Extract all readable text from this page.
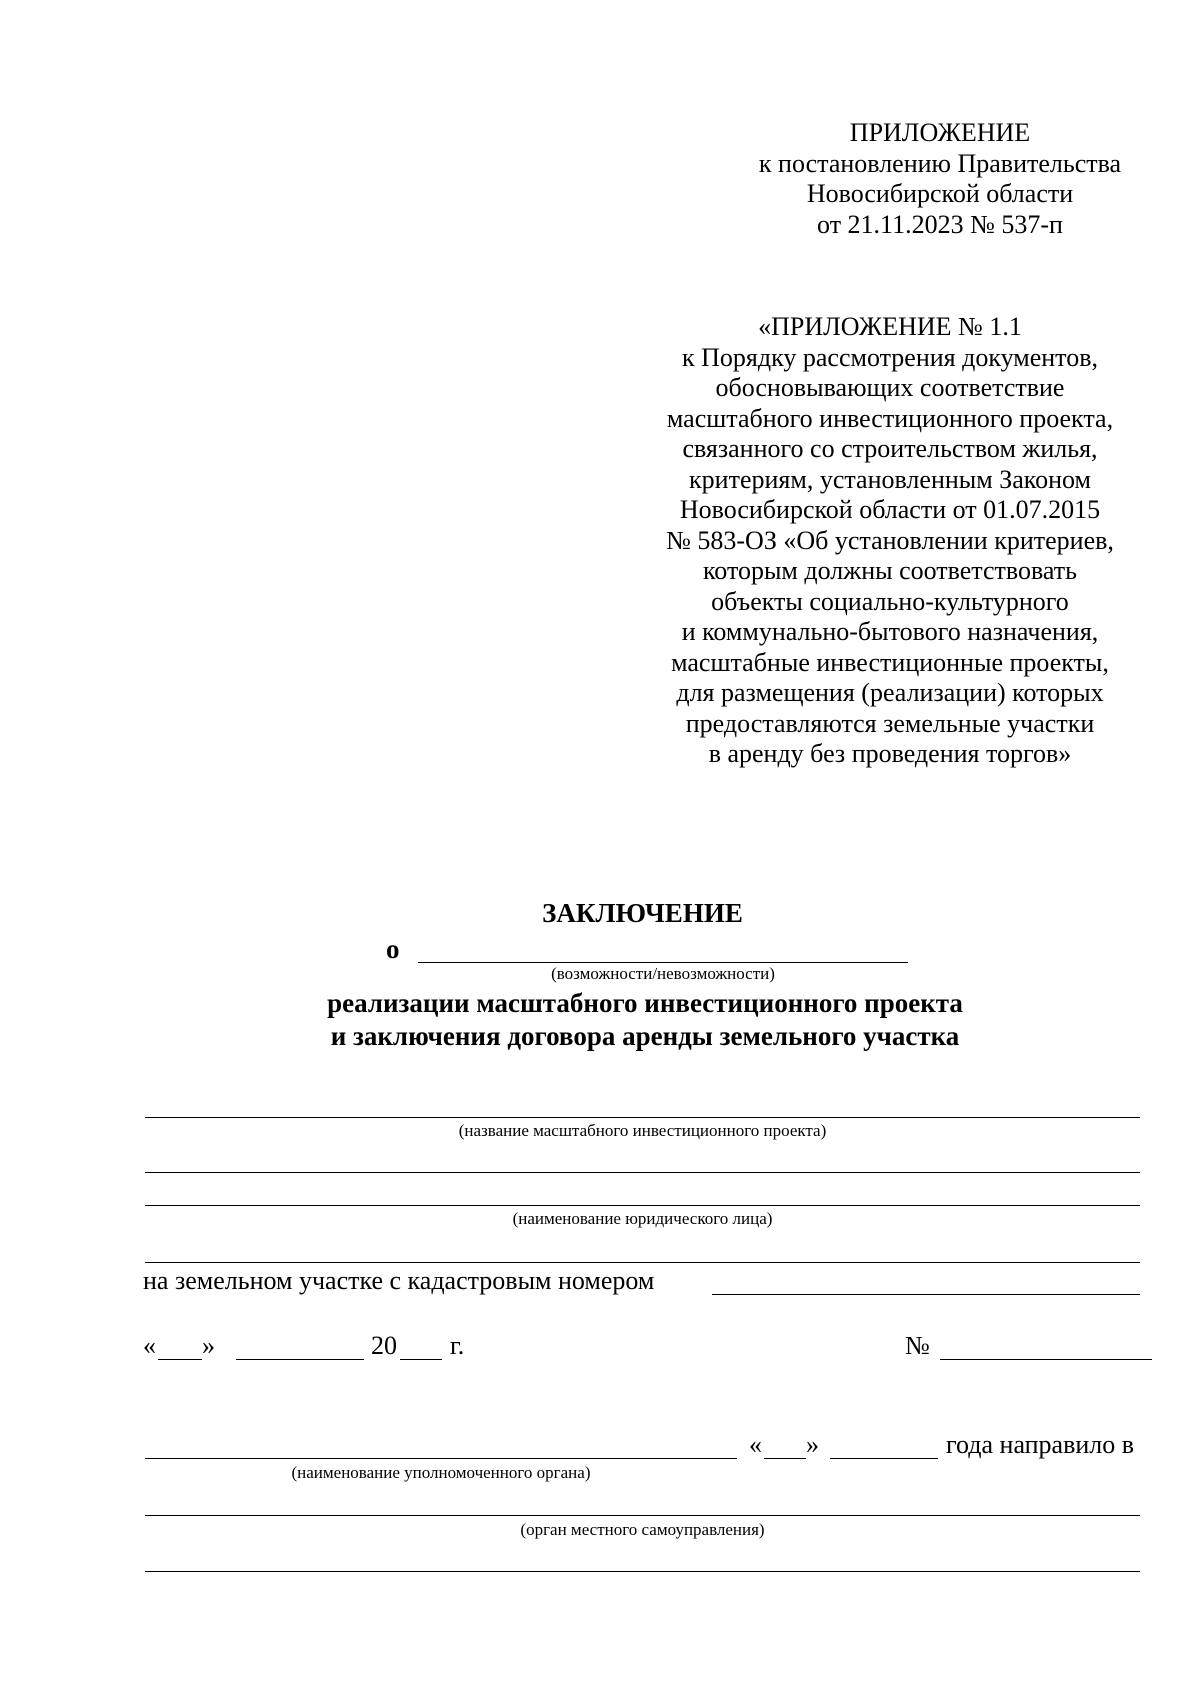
ПРИЛОЖЕНИЕ
к постановлению Правительства
Новосибирской области
от 21.11.2023 № 537-п
«ПРИЛОЖЕНИЕ № 1.1
к Порядку рассмотрения документов,
обосновывающих соответствие
масштабного инвестиционного проекта,
связанного со строительством жилья,
критериям, установленным Законом
Новосибирской области от 01.07.2015
№ 583-ОЗ «Об установлении критериев,
которым должны соответствовать
объекты социально-культурного
и коммунально-бытового назначения,
масштабные инвестиционные проекты,
для размещения (реализации) которых
предоставляются земельные участки
в аренду без проведения торгов»
ЗАКЛЮЧЕНИЕ
о
(возможности/невозможности)
реализации масштабного инвестиционного проекта
и заключения договора аренды земельного участка
(название масштабного инвестиционного проекта)
(наименование юридического лица)
на земельном участке с кадастровым номером
« »	20 г.	№
« »	года направило в
(наименование уполномоченного органа)
(орган местного самоуправления)
